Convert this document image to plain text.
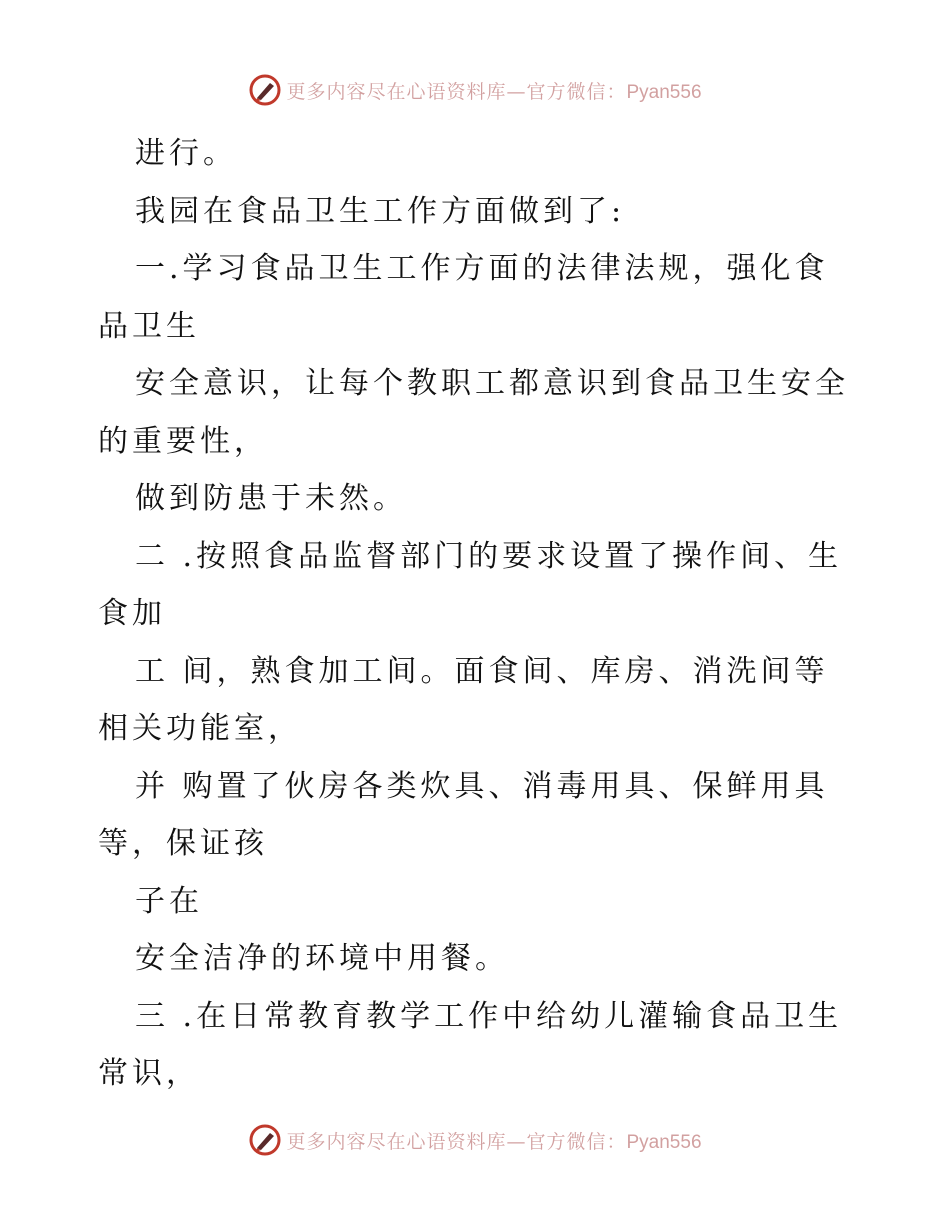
更多内容尽在心语资料库—官方微信：Pyan556
进行。
我园在食品卫生工作方面做到了:
一.学习食品卫生工作方面的法律法规，强化食
品卫生
安全意识，让每个教职工都意识到食品卫生安全
的重要性，
做到防患于未然。
二 .按照食品监督部门的要求设置了操作间、生
食加
工 间，熟食加工间。面食间、库房、消洗间等
相关功能室，
并 购置了伙房各类炊具、消毒用具、保鲜用具
等，保证孩
子在
安全洁净的环境中用餐。
三 .在日常教育教学工作中给幼儿灌输食品卫生
常识，
更多内容尽在心语资料库—官方微信：Pyan556
